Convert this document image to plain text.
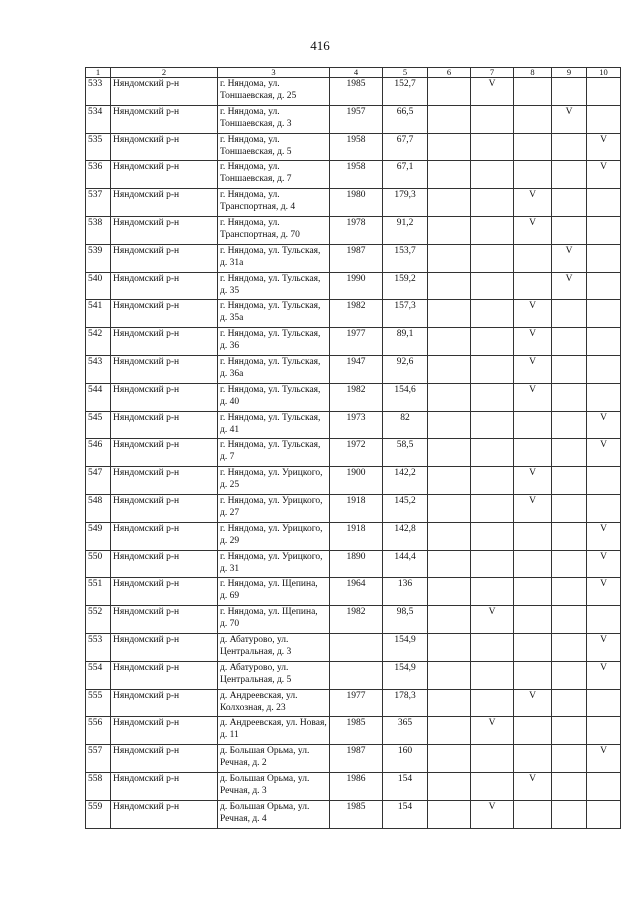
416
1	2	3	4	5	6	7	8	9	10
533	Няндомский р-н	г. Няндома, ул. Тоншаевская, д. 25	1985	152,7		V			
534	Няндомский р-н	г. Няндома, ул. Тоншаевская, д. 3	1957	66,5				V	
535	Няндомский р-н	г. Няндома, ул. Тоншаевская, д. 5	1958	67,7					V
536	Няндомский р-н	г. Няндома, ул. Тоншаевская, д. 7	1958	67,1					V
537	Няндомский р-н	г. Няндома, ул. Транспортная, д. 4	1980	179,3			V		
538	Няндомский р-н	г. Няндома, ул. Транспортная, д. 70	1978	91,2			V		
539	Няндомский р-н	г. Няндома, ул. Тульская, д. 31а	1987	153,7				V	
540	Няндомский р-н	г. Няндома, ул. Тульская, д. 35	1990	159,2				V	
541	Няндомский р-н	г. Няндома, ул. Тульская, д. 35а	1982	157,3			V		
542	Няндомский р-н	г. Няндома, ул. Тульская, д. 36	1977	89,1			V		
543	Няндомский р-н	г. Няндома, ул. Тульская, д. 36а	1947	92,6			V		
544	Няндомский р-н	г. Няндома, ул. Тульская, д. 40	1982	154,6			V		
545	Няндомский р-н	г. Няндома, ул. Тульская, д. 41	1973	82					V
546	Няндомский р-н	г. Няндома, ул. Тульская, д. 7	1972	58,5					V
547	Няндомский р-н	г. Няндома, ул. Урицкого, д. 25	1900	142,2			V		
548	Няндомский р-н	г. Няндома, ул. Урицкого, д. 27	1918	145,2			V		
549	Няндомский р-н	г. Няндома, ул. Урицкого, д. 29	1918	142,8					V
550	Няндомский р-н	г. Няндома, ул. Урицкого, д. 31	1890	144,4					V
551	Няндомский р-н	г. Няндома, ул. Щепина, д. 69	1964	136					V
552	Няндомский р-н	г. Няндома, ул. Щепина, д. 70	1982	98,5		V			
553	Няндомский р-н	д. Абатурово, ул. Центральная, д. 3		154,9					V
554	Няндомский р-н	д. Абатурово, ул. Центральная, д. 5		154,9					V
555	Няндомский р-н	д. Андреевская, ул. Колхозная, д. 23	1977	178,3			V		
556	Няндомский р-н	д. Андреевская, ул. Новая, д. 11	1985	365		V			
557	Няндомский р-н	д. Большая Орьма, ул. Речная, д. 2	1987	160					V
558	Няндомский р-н	д. Большая Орьма, ул. Речная, д. 3	1986	154			V		
559	Няндомский р-н	д. Большая Орьма, ул. Речная, д. 4	1985	154		V			
